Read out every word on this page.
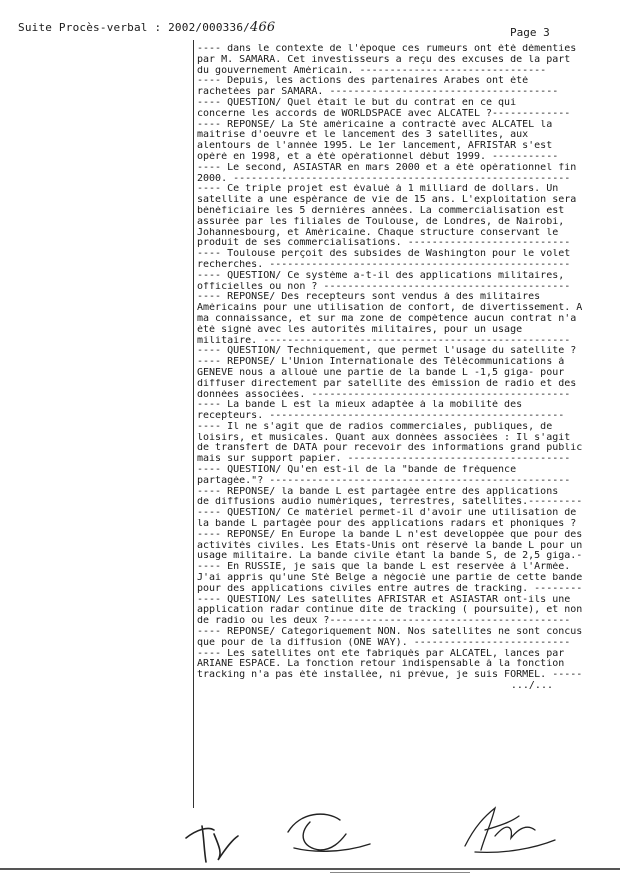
Suite Procès-verbal : 2002/000336/466	Page 3
---- dans le contexte de l'époque ces rumeurs ont été démenties
par M. SAMARA. Cet investisseurs a reçu des excuses de la part
du gouvernement Américain. -------------------------------
---- Depuis, les actions des partenaires Arabes ont été
rachetées par SAMARA. --------------------------------------
---- QUESTION/ Quel était le but du contrat en ce qui
concerne les accords de WORLDSPACE avec ALCATEL ?-------------
---- REPONSE/ La Sté américaine a contracté avec ALCATEL la
maitrise d'oeuvre et le lancement des 3 satellites, aux
alentours de l'année 1995. Le 1er lancement, AFRISTAR s'est
opéré en 1998, et a été opérationnel début 1999. -----------
---- Le second, ASIASTAR en mars 2000 et a été opérationnel fin
2000. --------------------------------------------------------
---- Ce triple projet est évalué à 1 milliard de dollars. Un
satellite a une espérance de vie de 15 ans. L'exploitation sera
bénéficiaire les 5 dernières années. La commercialisation est
assurée par les filiales de Toulouse, de Londres, de Nairobi,
Johannesbourg, et Américaine. Chaque structure conservant le
produit de ses commercialisations. ---------------------------
---- Toulouse perçoit des subsides de Washington pour le volet
recherches. --------------------------------------------------
---- QUESTION/ Ce système a-t-il des applications militaires,
officielles ou non ? -----------------------------------------
---- REPONSE/ Des recepteurs sont vendus à des militaires
Américains pour une utilisation de confort, de divertissement. A
ma connaissance, et sur ma zone de compétence aucun contrat n'a
été signé avec les autorités militaires, pour un usage
militaire. ---------------------------------------------------
---- QUESTION/ Techniquement, que permet l'usage du satellite ?
---- REPONSE/ L'Union Internationale des Télécommunications à
GENEVE nous a alloué une partie de la bande L -1,5 giga- pour
diffuser directement par satellite des émission de radio et des
données associées. -------------------------------------------
---- La bande L est la mieux adaptée à la mobilité des
recepteurs. -------------------------------------------------
---- Il ne s'agit que de radios commerciales, publiques, de
loisirs, et musicales. Quant aux données associées : Il s'agit
de transfert de DATA pour recevoir des informations grand public
mais sur support papier. -------------------------------------
---- QUESTION/ Qu'en est-il de la "bande de fréquence
partagée."? --------------------------------------------------
---- REPONSE/ la bande L est partagée entre des applications
de diffusions audio numériques, terrestres, satellites.---------
---- QUESTION/ Ce matériel permet-il d'avoir une utilisation de
la bande L partagée pour des applications radars et phoniques ?
---- REPONSE/ En Europe la bande L n'est developpée que pour des
activités civiles. Les Etats-Unis ont réservé la bande L pour un
usage militaire. La bande civile étant la bande S, de 2,5 giga.-
---- En RUSSIE, je sais que la bande L est reservée à l'Armée.
J'ai appris qu'une Sté Belge a négocié une partie de cette bande
pour des applications civiles entre autres de tracking. --------
---- QUESTION/ Les satellites AFRISTAR et ASIASTAR ont-ils une
application radar continue dite de tracking ( poursuite), et non
de radio ou les deux ?----------------------------------------
---- REPONSE/ Categoriquement NON. Nos satellites ne sont concus
que pour de la diffusion (ONE WAY). --------------------------
---- Les satellites ont ete fabriqués par ALCATEL, lances par
ARIANE ESPACE. La fonction retour indispensable à la fonction
tracking n'a pas été installée, ni prévue, je suis FORMEL. -----
.../...
